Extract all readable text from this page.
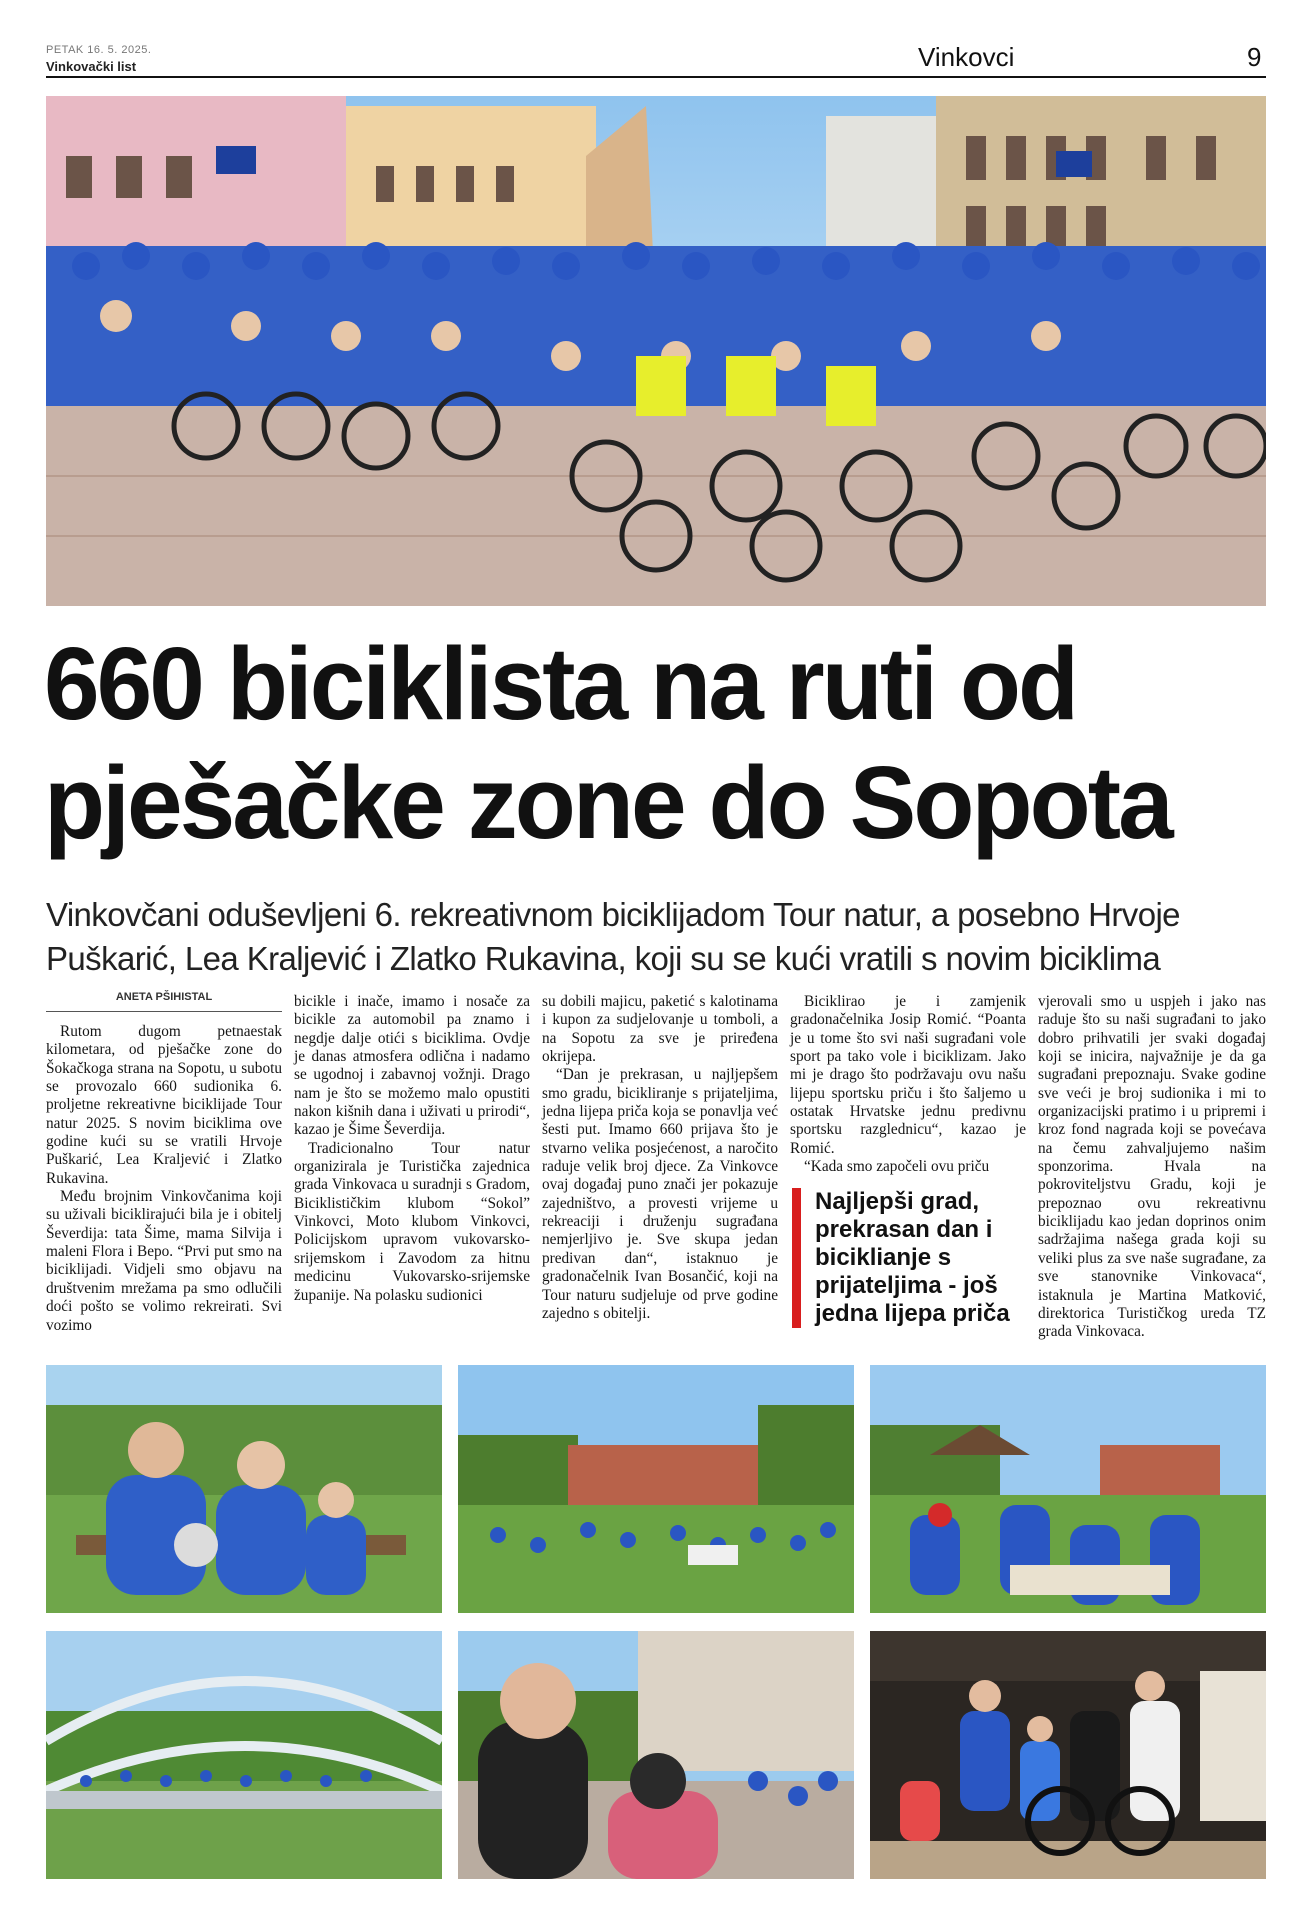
PETAK 16. 5. 2025.
Vinkovački list	Vinkovci	9
660 biciklista na ruti od
pješačke zone do Sopota
Vinkovčani oduševljeni 6. rekreativnom biciklijadom Tour natur, a posebno Hrvoje Puškarić, Lea Kraljević i Zlatko Rukavina, koji su se kući vratili s novim biciklima
ANETA PŠIHISTAL

Rutom dugom petnaestak kilometara, od pješačke zone do Šokačkoga strana na Sopotu, u subotu se provozalo 660 sudionika 6. proljetne rekreativne biciklijade Tour natur 2025. S novim biciklima ove godine kući su se vratili Hrvoje Puškarić, Lea Kraljević i Zlatko Rukavina.

Među brojnim Vinkovčanima koji su uživali biciklirajući bila je i obitelj Ševerdija: tata Šime, mama Silvija i maleni Flora i Bepo. “Prvi put smo na biciklijadi. Vidjeli smo objavu na društvenim mrežama pa smo odlučili doći pošto se volimo rekreirati. Svi vozimo

bicikle i inače, imamo i nosače za bicikle za automobil pa znamo i negdje dalje otići s biciklima. Ovdje je danas atmosfera odlična i nadamo se ugodnoj i zabavnoj vožnji. Drago nam je što se možemo malo opustiti nakon kišnih dana i uživati u prirodi“, kazao je Šime Ševerdija.

Tradicionalno Tour natur organizirala je Turistička zajednica grada Vinkovaca u suradnji s Gradom, Biciklističkim klubom “Sokol” Vinkovci, Moto klubom Vinkovci, Policijskom upravom vukovarsko-srijemskom i Zavodom za hitnu medicinu Vukovarsko-srijemske županije. Na polasku sudionici

su dobili majicu, paketić s kalotinama i kupon za sudjelovanje u tomboli, a na Sopotu za sve je priređena okrijepa.

“Dan je prekrasan, u najljepšem smo gradu, bicikliranje s prijateljima, jedna lijepa priča koja se ponavlja već šesti put. Imamo 660 prijava što je stvarno velika posjećenost, a naročito raduje velik broj djece. Za Vinkovce ovaj događaj puno znači jer pokazuje zajedništvo, a provesti vrijeme u rekreaciji i druženju sugrađana nemjerljivo je. Sve skupa jedan predivan dan“, istaknuo je gradonačelnik Ivan Bosančić, koji na Tour naturu sudjeluje od prve godine zajedno s obitelji.

Biciklirao je i zamjenik gradonačelnika Josip Romić. “Poanta je u tome što svi naši sugrađani vole sport pa tako vole i biciklizam. Jako mi je drago što podržavaju ovu našu lijepu sportsku priču i što šaljemo u ostatak Hrvatske jednu predivnu sportsku razglednicu“, kazao je Romić.

“Kada smo započeli ovu priču

vjerovali smo u uspjeh i jako nas raduje što su naši sugrađani to jako dobro prihvatili jer svaki događaj koji se inicira, najvažnije je da ga sugrađani prepoznaju. Svake godine sve veći je broj sudionika i mi to organizacijski pratimo i u pripremi i kroz fond nagrada koji se povećava na čemu zahvaljujemo našim sponzorima. Hvala na pokroviteljstvu Gradu, koji je prepoznao ovu rekreativnu biciklijadu kao jedan doprinos onim sadržajima našega grada koji su veliki plus za sve naše sugrađane, za sve stanovnike Vinkovaca“, istaknula je Martina Matković, direktorica Turističkog ureda TZ grada Vinkovaca.

Najljepši grad, prekrasan dan i biciklianje s prijateljima - još jedna lijepa priča
